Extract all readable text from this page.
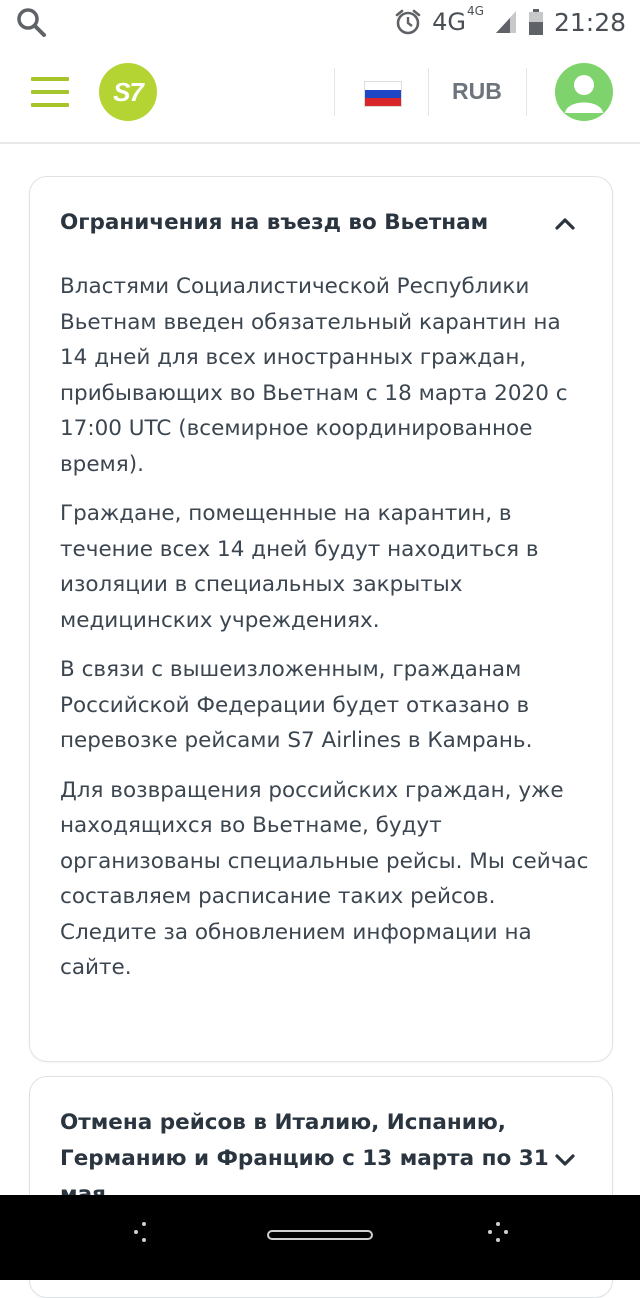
$4G^{4G}$	21:28
S7	RUB
Ограничения на въезд во Вьетнам

Властями Социалистической Республики Вьетнам введен обязательный карантин на 14 дней для всех иностранных граждан, прибывающих во Вьетнам с 18 марта 2020 с 17:00 UTC (всемирное координированное время).

Граждане, помещенные на карантин, в течение всех 14 дней будут находиться в изоляции в специальных закрытых медицинских учреждениях.

В связи с вышеизложенным, гражданам Российской Федерации будет отказано в перевозке рейсами S7 Airlines в Камрань.

Для возвращения российских граждан, уже находящихся во Вьетнаме, будут организованы специальные рейсы. Мы сейчас составляем расписание таких рейсов. Следите за обновлением информации на сайте.

Отмена рейсов в Италию, Испанию,
Германию и Францию с 13 марта по 31
